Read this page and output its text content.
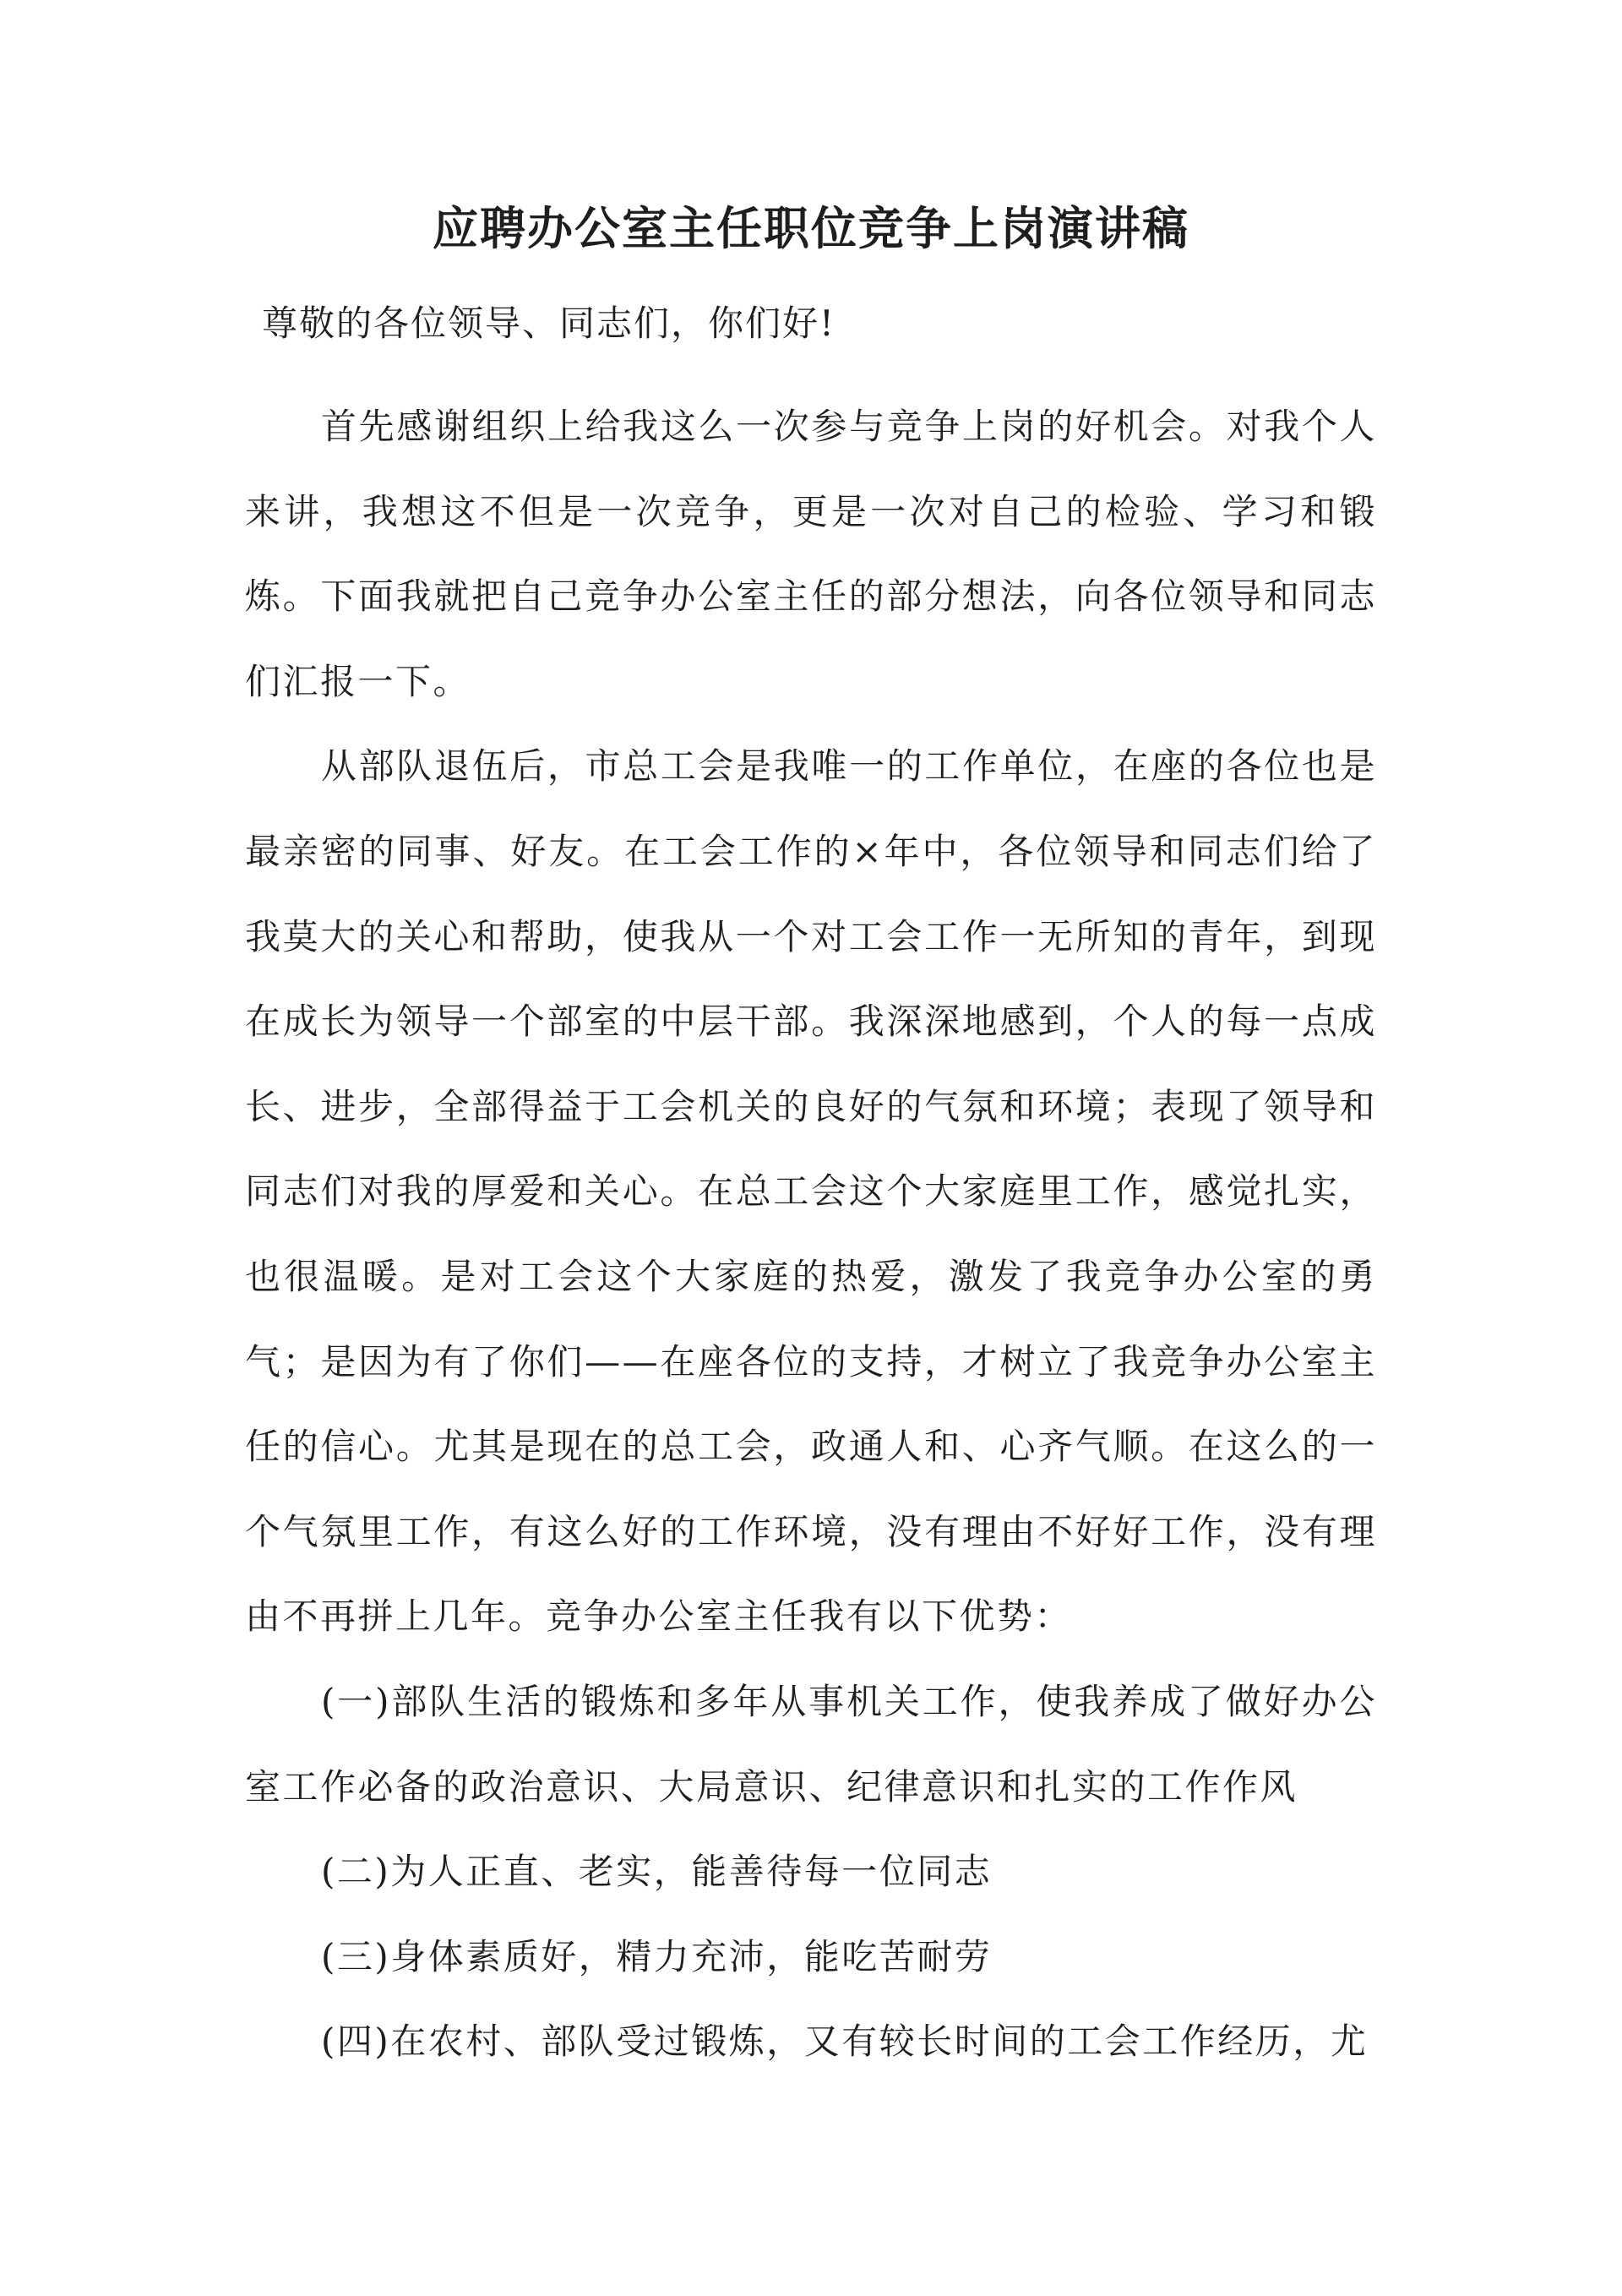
应聘办公室主任职位竞争上岗演讲稿
尊敬的各位领导、同志们，你们好!

首先感谢组织上给我这么一次参与竞争上岗的好机会。对我个人来讲，我想这不但是一次竞争，更是一次对自己的检验、学习和锻炼。下面我就把自己竞争办公室主任的部分想法，向各位领导和同志们汇报一下。

从部队退伍后，市总工会是我唯一的工作单位，在座的各位也是最亲密的同事、好友。在工会工作的×年中，各位领导和同志们给了我莫大的关心和帮助，使我从一个对工会工作一无所知的青年，到现在成长为领导一个部室的中层干部。我深深地感到，个人的每一点成长、进步，全部得益于工会机关的良好的气氛和环境；表现了领导和同志们对我的厚爱和关心。在总工会这个大家庭里工作，感觉扎实，也很温暖。是对工会这个大家庭的热爱，激发了我竞争办公室的勇气；是因为有了你们——在座各位的支持，才树立了我竞争办公室主任的信心。尤其是现在的总工会，政通人和、心齐气顺。在这么的一个气氛里工作，有这么好的工作环境，没有理由不好好工作，没有理由不再拼上几年。竞争办公室主任我有以下优势：

(一)部队生活的锻炼和多年从事机关工作，使我养成了做好办公室工作必备的政治意识、大局意识、纪律意识和扎实的工作作风

(二)为人正直、老实，能善待每一位同志

(三)身体素质好，精力充沛，能吃苦耐劳

(四)在农村、部队受过锻炼，又有较长时间的工会工作经历，尤
